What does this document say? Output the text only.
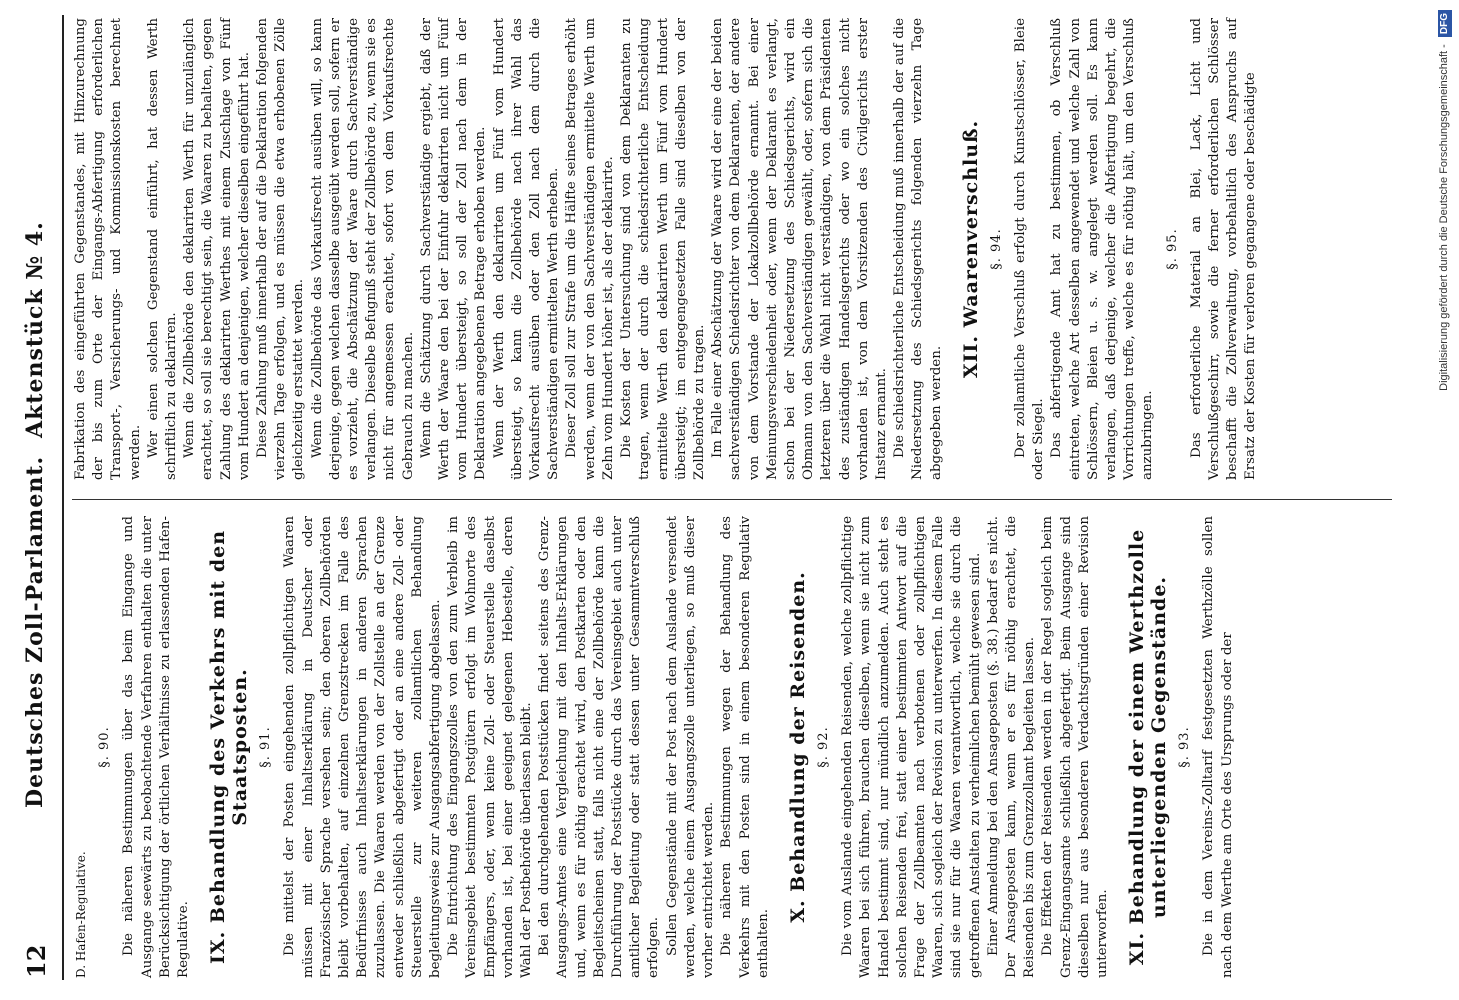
12
Deutsches Zoll-Parlament.
Aktenstück № 4.
D. Hafen-Regulative.
§. 90. Die näheren Bestimmungen über das beim Eingange und Ausgange seewärts zu beobachtende Verfahren enthalten die unter Berücksichtigung der örtlichen Verhältnisse zu erlassenden Hafen-Regulative. IX. Behandlung des Verkehrs mit den Staatsposten. §. 91. Die mittelst der Posten eingehenden zollpflichtigen Waaren müssen mit einer Inhaltserklärung in Deutscher oder Französischer Sprache versehen sein; den oberen Zollbehörden bleibt vorbehalten, auf einzelnen Grenzstrecken im Falle des Bedürfnisses auch Inhaltserklärungen in anderen Sprachen zuzulassen. Die Waaren werden von der Zollstelle an der Grenze entweder schließlich abgefertigt oder an eine andere Zoll- oder Steuerstelle zur weiteren zollamtlichen Behandlung begleitungsweise zur Ausgangsabfertigung abgelassen. Die Entrichtung des Eingangszolles von den zum Verbleib im Vereinsgebiet bestimmten Postgütern erfolgt im Wohnorte des Empfängers, oder, wenn keine Zoll- oder Steuerstelle daselbst vorhanden ist, bei einer geeignet gelegenen Hebestelle, deren Wahl der Postbehörde überlassen bleibt. Bei den durchgehenden Poststücken findet seitens des Grenz-Ausgangs-Amtes eine Vergleichung mit den Inhalts-Erklärungen und, wenn es für nöthig erachtet wird, den Postkarten oder den Begleitscheinen statt, falls nicht eine der Zollbehörde kann die Durchführung der Poststücke durch das Vereinsgebiet auch unter amtlicher Begleitung oder statt dessen unter Gesammtverschluß erfolgen. Sollen Gegenstände mit der Post nach dem Auslande versendet werden, welche einem Ausgangszolle unterliegen, so muß dieser vorher entrichtet werden. Die näheren Bestimmungen wegen der Behandlung des Verkehrs mit den Posten sind in einem besonderen Regulativ enthalten.

X. Behandlung der Reisenden. §. 92. Die vom Auslande eingehenden Reisenden, welche zollpflichtige Waaren bei sich führen, brauchen dieselben, wenn sie nicht zum Handel bestimmt sind, nur mündlich anzumelden. Auch steht es solchen Reisenden frei, statt einer bestimmten Antwort auf die Frage der Zollbeamten nach verbotenen oder zollpflichtigen Waaren, sich sogleich der Revision zu unterwerfen. In diesem Falle sind sie nur für die Waaren verantwortlich, welche sie durch die getroffenen Anstalten zu verheimlichen bemüht gewesen sind. Einer Anmeldung bei den Ansageposten (§. 38.) bedarf es nicht. Der Ansageposten kann, wenn er es für nöthig erachtet, die Reisenden bis zum Grenzzollamt begleiten lassen. Die Effekten der Reisenden werden in der Regel sogleich beim Grenz-Eingangsamte schließlich abgefertigt. Beim Ausgange sind dieselben nur aus besonderen Verdachtsgründen einer Revision unterworfen. XI. Behandlung der einem Werthzolle unterliegenden Gegenstände. §. 93. Die in dem Vereins-Zolltarif festgesetzten Werthzölle sollen nach dem Werthe am Orte des Ursprungs oder der

Fabrikation des eingeführten Gegenstandes, mit Hinzurechnung der bis zum Orte der Eingangs-Abfertigung erforderlichen Transport-, Versicherungs- und Kommissionskosten berechnet werden. Wer einen solchen Gegenstand einführt, hat dessen Werth schriftlich zu deklariren. Wenn die Zollbehörde den deklarirten Werth für unzulänglich erachtet, so soll sie berechtigt sein, die Waaren zu behalten, gegen Zahlung des deklarirten Werthes mit einem Zuschlage von Fünf vom Hundert an denjenigen, welcher dieselben eingeführt hat. Diese Zahlung muß innerhalb der auf die Deklaration folgenden vierzehn Tage erfolgen, und es müssen die etwa erhobenen Zölle gleichzeitig erstattet werden. Wenn die Zollbehörde das Vorkaufsrecht ausüben will, so kann derjenige, gegen welchen dasselbe ausgeübt werden soll, sofern er es vorzieht, die Abschätzung der Waare durch Sachverständige verlangen. Dieselbe Befugniß steht der Zollbehörde zu, wenn sie es nicht für angemessen erachtet, sofort von dem Vorkaufsrechte Gebrauch zu machen. Wenn die Schätzung durch Sachverständige ergiebt, daß der Werth der Waare den bei der Einfuhr deklarirten nicht um Fünf vom Hundert übersteigt, so soll der Zoll nach dem in der Deklaration angegebenen Betrage erhoben werden. Wenn der Werth den deklarirten um Fünf vom Hundert übersteigt, so kann die Zollbehörde nach ihrer Wahl das Vorkaufsrecht ausüben oder den Zoll nach dem durch die Sachverständigen ermittelten Werth erheben. Dieser Zoll soll zur Strafe um die Hälfte seines Betrages erhöht werden, wenn der von den Sachverständigen ermittelte Werth um Zehn vom Hundert höher ist, als der deklarirte. Die Kosten der Untersuchung sind von dem Deklaranten zu tragen, wenn der durch die schiedsrichterliche Entscheidung ermittelte Werth den deklarirten Werth um Fünf vom Hundert übersteigt; im entgegengesetzten Falle sind dieselben von der Zollbehörde zu tragen. Im Falle einer Abschätzung der Waare wird der eine der beiden sachverständigen Schiedsrichter von dem Deklaranten, der andere von dem Vorstande der Lokalzollbehörde ernannt. Bei einer Meinungsverschiedenheit oder, wenn der Deklarant es verlangt, schon bei der Niedersetzung des Schiedsgerichts, wird ein Obmann von den Sachverständigen gewählt, oder, sofern sich die letzteren über die Wahl nicht verständigen, von dem Präsidenten des zuständigen Handelsgerichts oder wo ein solches nicht vorhanden ist, von dem Vorsitzenden des Civilgerichts erster Instanz ernannt. Die schiedsrichterliche Entscheidung muß innerhalb der auf die Niedersetzung des Schiedsgerichts folgenden vierzehn Tage abgegeben werden.

XII. Waarenverschluß. §. 94. Der zollamtliche Verschluß erfolgt durch Kunstschlösser, Bleie oder Siegel. Das abfertigende Amt hat zu bestimmen, ob Verschluß eintreten, welche Art desselben angewendet und welche Zahl von Schlössern, Bleien u. s. w. angelegt werden soll. Es kann verlangen, daß derjenige, welcher die Abfertigung begehrt, die Vorrichtungen treffe, welche es für nöthig hält, um den Verschluß anzubringen.

§. 95. Das erforderliche Material an Blei, Lack, Licht und Verschlußgeschirr, sowie die ferner erforderlichen Schlösser beschafft die Zollverwaltung, vorbehaltlich des Anspruchs auf Ersatz der Kosten für verloren gegangene oder beschädigte	Digitalisierung gefördert durch die Deutsche Forschungsgemeinschaft - DFG
